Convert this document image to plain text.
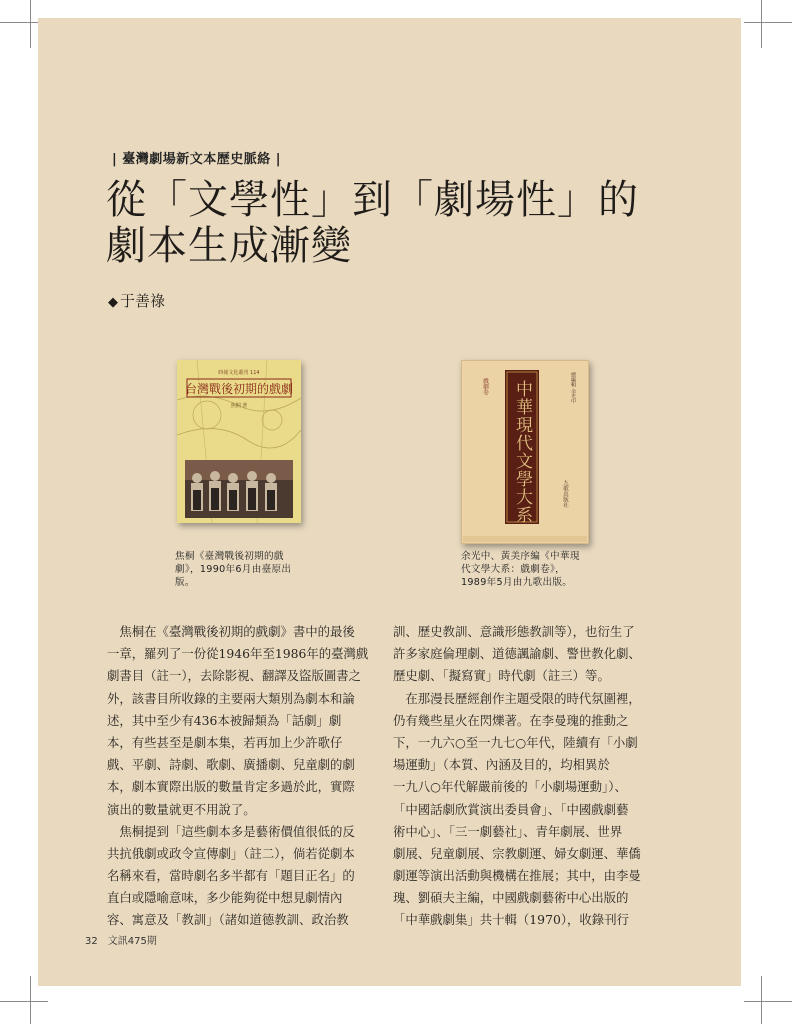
| 臺灣劇場新文本歷史脈絡 |
從「文學性」到「劇場性」的
劇本生成漸變
◆ 于善祿
時報文化叢刊 114
台灣戰後初期的戲劇
焦桐 著
總編輯 余光中
戲劇卷 中華現代文學大系	九歌出版社
焦桐《臺灣戰後初期的戲
劇》，1990年6月由臺原出
版。
余光中、黃美序編《中華現
代文學大系：戲劇卷》，
1989年5月由九歌出版。
　焦桐在《臺灣戰後初期的戲劇》書中的最後
一章，羅列了一份從1946年至1986年的臺灣戲
劇書目（註一），去除影視、翻譯及盜版圖書之
外，該書目所收錄的主要兩大類別為劇本和論
述，其中至少有436本被歸類為「話劇」劇
本，有些甚至是劇本集，若再加上少許歌仔
戲、平劇、詩劇、歌劇、廣播劇、兒童劇的劇
本，劇本實際出版的數量肯定多過於此，實際
演出的數量就更不用說了。
　焦桐提到「這些劇本多是藝術價值很低的反
共抗俄劇或政令宣傳劇」（註二），倘若從劇本
名稱來看，當時劇名多半都有「題目正名」的
直白或隱喻意味，多少能夠從中想見劇情內
容、寓意及「教訓」（諸如道德教訓、政治教
訓、歷史教訓、意識形態教訓等），也衍生了
許多家庭倫理劇、道德諷諭劇、警世教化劇、
歷史劇、「擬寫實」時代劇（註三）等。
　在那漫長歷經創作主題受限的時代氛圍裡，
仍有幾些星火在閃爍著。在李曼瑰的推動之
下，一九六○至一九七○年代，陸續有「小劇
場運動」（本質、內涵及目的，均相異於
一九八○年代解嚴前後的「小劇場運動」）、
「中國話劇欣賞演出委員會」、「中國戲劇藝
術中心」、「三一劇藝社」、青年劇展、世界
劇展、兒童劇展、宗教劇運、婦女劇運、華僑
劇運等演出活動與機構在推展；其中，由李曼
瑰、劉碩夫主編，中國戲劇藝術中心出版的
「中華戲劇集」共十輯（1970），收錄刊行
32　文訊475期
